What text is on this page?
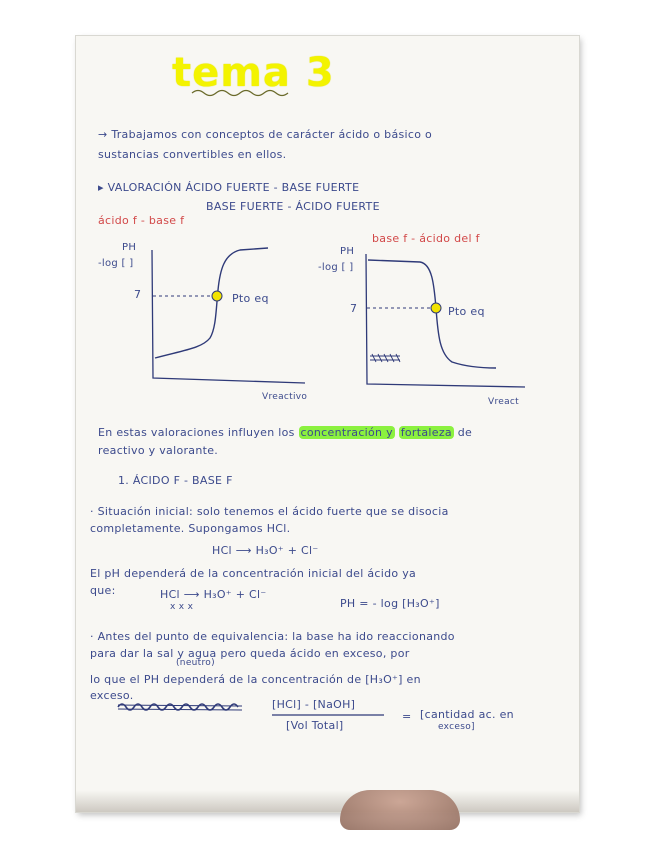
tema 3
→ Trabajamos con conceptos de carácter ácido o básico o
sustancias convertibles en ellos.
▸ VALORACIÓN ÁCIDO FUERTE - BASE FUERTE
BASE FUERTE - ÁCIDO FUERTE
ácido f - base f
base f - ácido del f
PH
-log [ ]
7	Pto eq
Vreactivo
PH
-log [ ]
7	Pto eq
Vreact
En estas valoraciones influyen los concentración y fortaleza de
reactivo y valorante.
1. ÁCIDO F - BASE F
· Situación inicial: solo tenemos el ácido fuerte que se disocia
completamente. Supongamos HCl.
HCl ⟶ H₃O⁺ + Cl⁻
El pH dependerá de la concentración inicial del ácido ya
que:	HCl ⟶ H₃O⁺ + Cl⁻
x x x	PH = - log [H₃O⁺]
· Antes del punto de equivalencia: la base ha ido reaccionando
para dar la sal y agua pero queda ácido en exceso, por
(neutro)
lo que el PH dependerá de la concentración de [H₃O⁺] en
exceso.
[HCl] - [NaOH]
[Vol Total]
= [cantidad ac. en
exceso]
